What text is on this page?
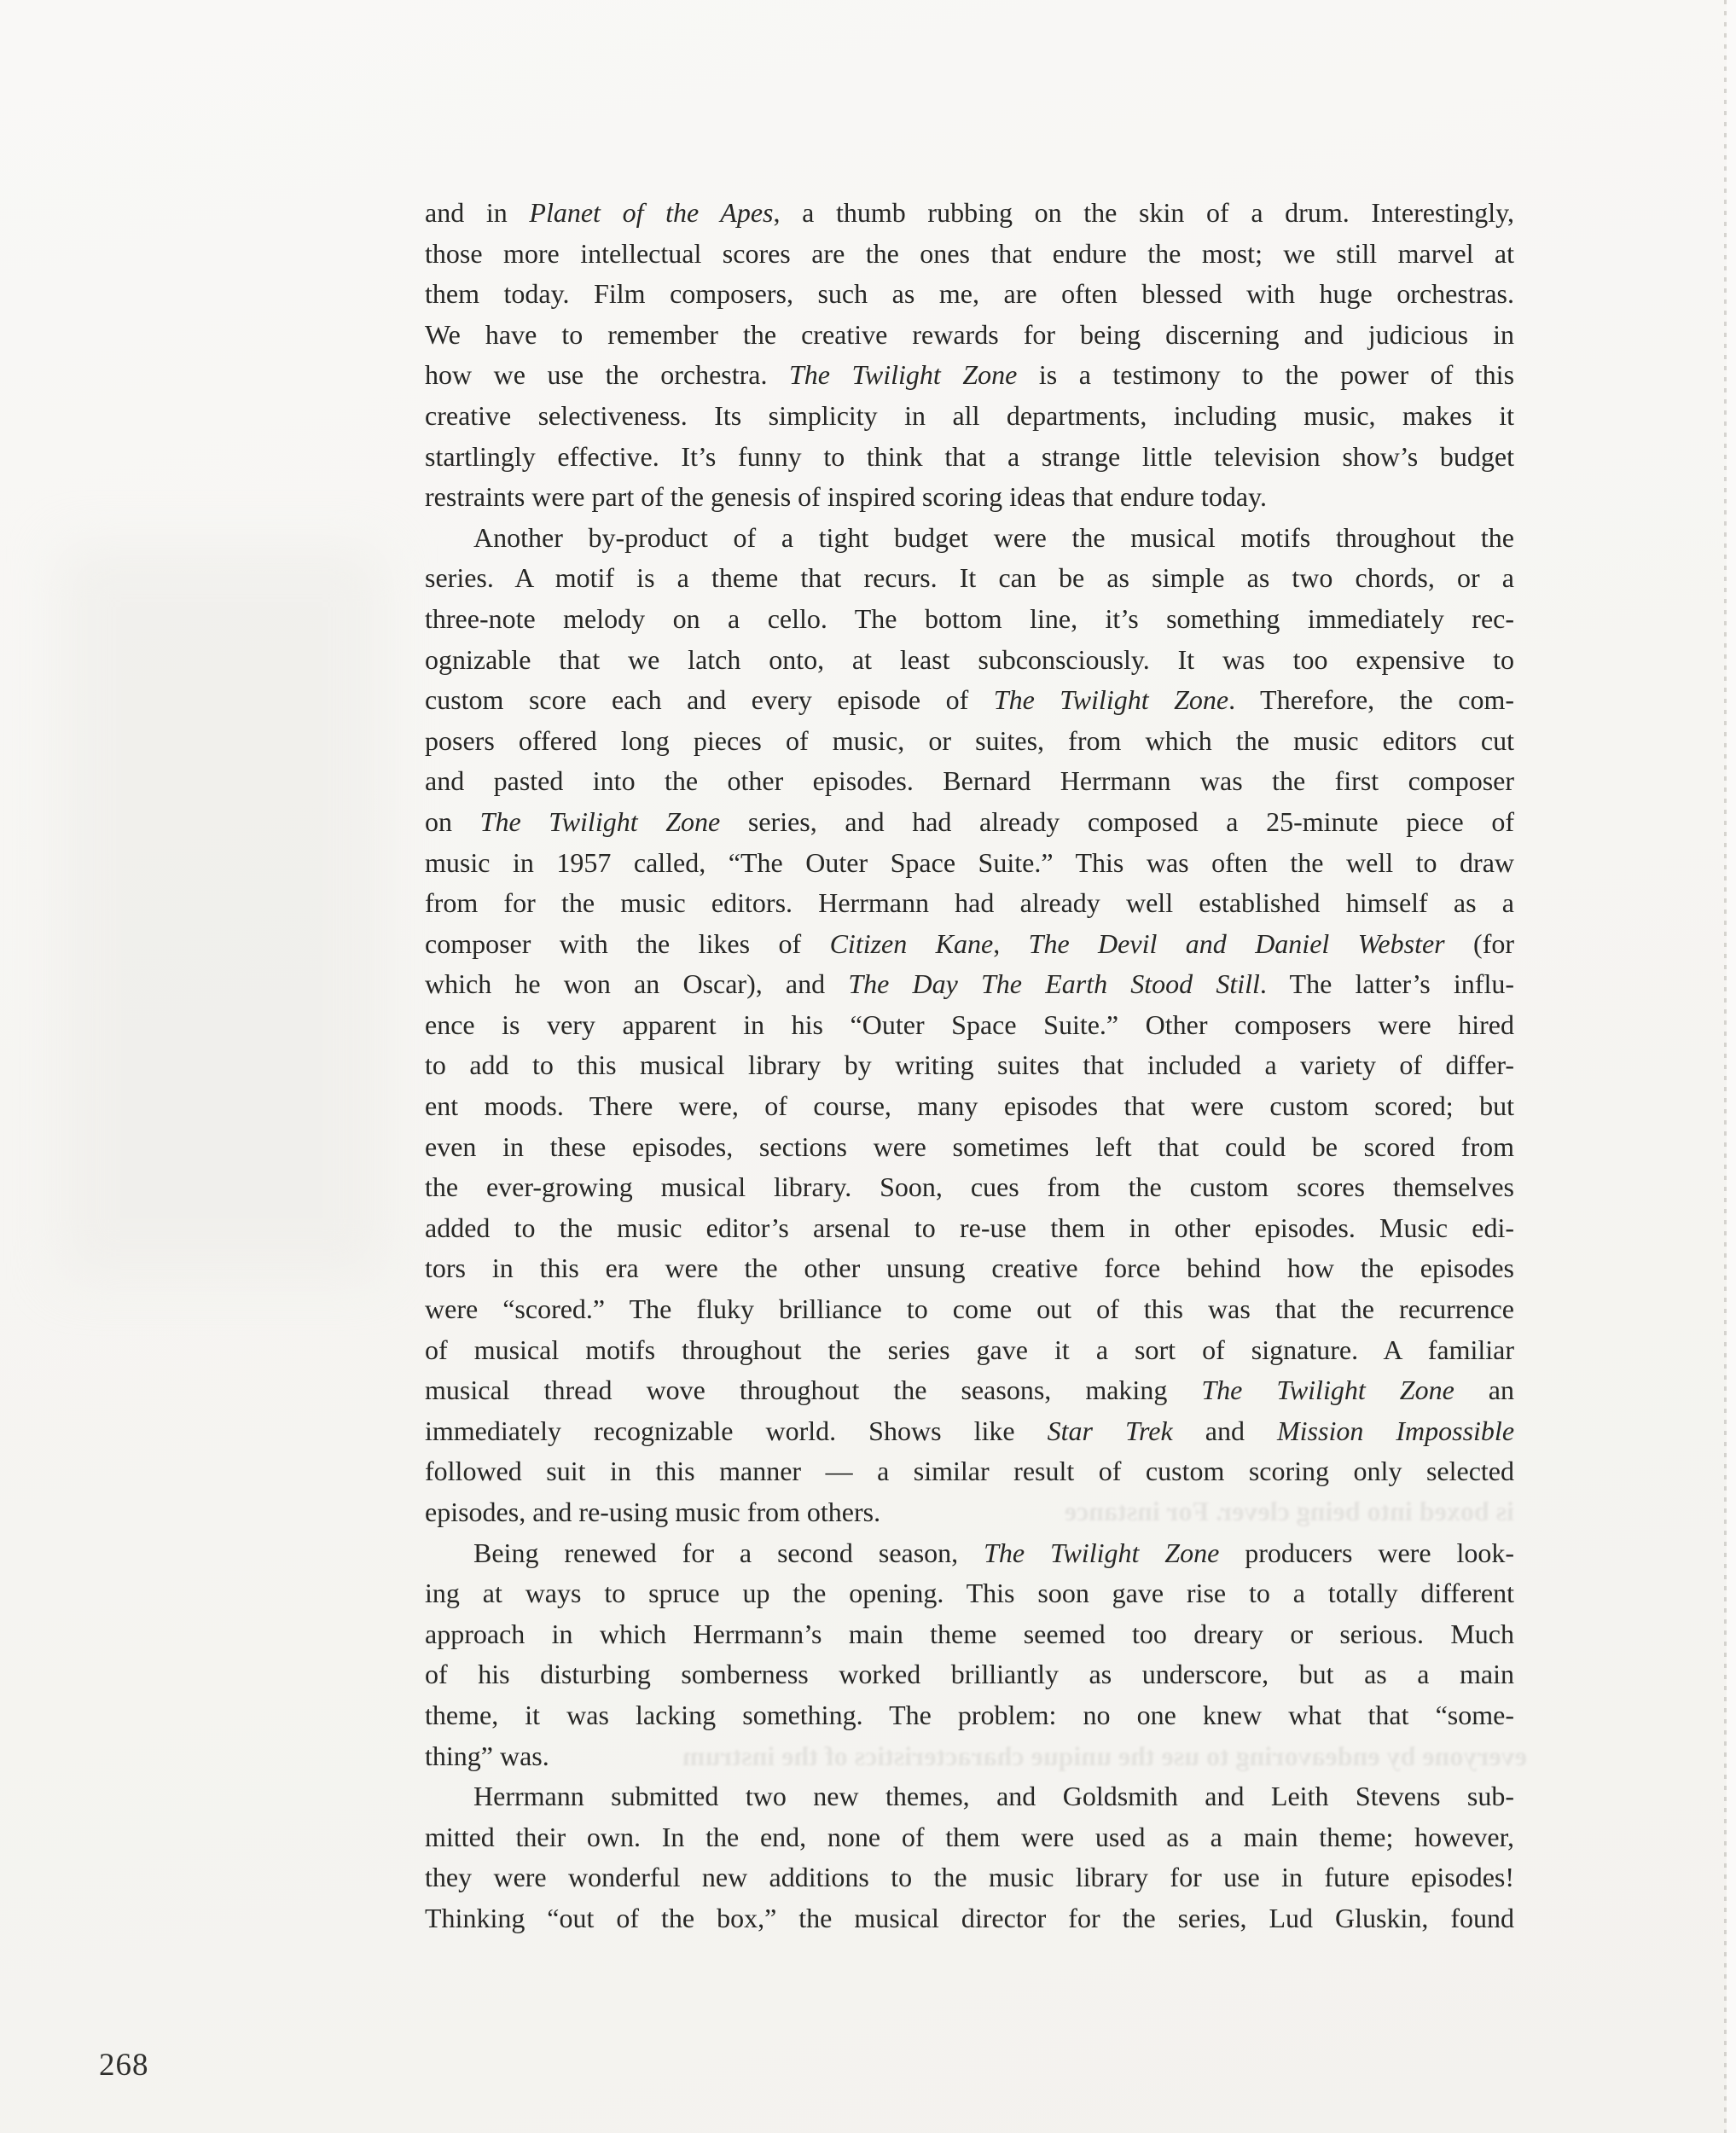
and in Planet of the Apes, a thumb rubbing on the skin of a drum. Interestingly,
those more intellectual scores are the ones that endure the most; we still marvel at
them today. Film composers, such as me, are often blessed with huge orchestras.
We have to remember the creative rewards for being discerning and judicious in
how we use the orchestra. The Twilight Zone is a testimony to the power of this
creative selectiveness. Its simplicity in all departments, including music, makes it
startlingly effective. It’s funny to think that a strange little television show’s budget
restraints were part of the genesis of inspired scoring ideas that endure today.
Another by-product of a tight budget were the musical motifs throughout the
series. A motif is a theme that recurs. It can be as simple as two chords, or a
three-note melody on a cello. The bottom line, it’s something immediately rec-
ognizable that we latch onto, at least subconsciously. It was too expensive to
custom score each and every episode of The Twilight Zone. Therefore, the com-
posers offered long pieces of music, or suites, from which the music editors cut
and pasted into the other episodes. Bernard Herrmann was the first composer
on The Twilight Zone series, and had already composed a 25-minute piece of
music in 1957 called, “The Outer Space Suite.” This was often the well to draw
from for the music editors. Herrmann had already well established himself as a
composer with the likes of Citizen Kane, The Devil and Daniel Webster (for
which he won an Oscar), and The Day The Earth Stood Still. The latter’s influ-
ence is very apparent in his “Outer Space Suite.” Other composers were hired
to add to this musical library by writing suites that included a variety of differ-
ent moods. There were, of course, many episodes that were custom scored; but
even in these episodes, sections were sometimes left that could be scored from
the ever-growing musical library. Soon, cues from the custom scores themselves
added to the music editor’s arsenal to re-use them in other episodes. Music edi-
tors in this era were the other unsung creative force behind how the episodes
were “scored.” The fluky brilliance to come out of this was that the recurrence
of musical motifs throughout the series gave it a sort of signature. A familiar
musical thread wove throughout the seasons, making The Twilight Zone an
immediately recognizable world. Shows like Star Trek and Mission Impossible
followed suit in this manner — a similar result of custom scoring only selected
episodes, and re-using music from others.
Being renewed for a second season, The Twilight Zone producers were look-
ing at ways to spruce up the opening. This soon gave rise to a totally different
approach in which Herrmann’s main theme seemed too dreary or serious. Much
of his disturbing somberness worked brilliantly as underscore, but as a main
theme, it was lacking something. The problem: no one knew what that “some-
thing” was.
Herrmann submitted two new themes, and Goldsmith and Leith Stevens sub-
mitted their own. In the end, none of them were used as a main theme; however,
they were wonderful new additions to the music library for use in future episodes!
Thinking “out of the box,” the musical director for the series, Lud Gluskin, found
is boxed into being clever. For instance
everyone by endeavoring to use the unique characteristics of the instrum
268
